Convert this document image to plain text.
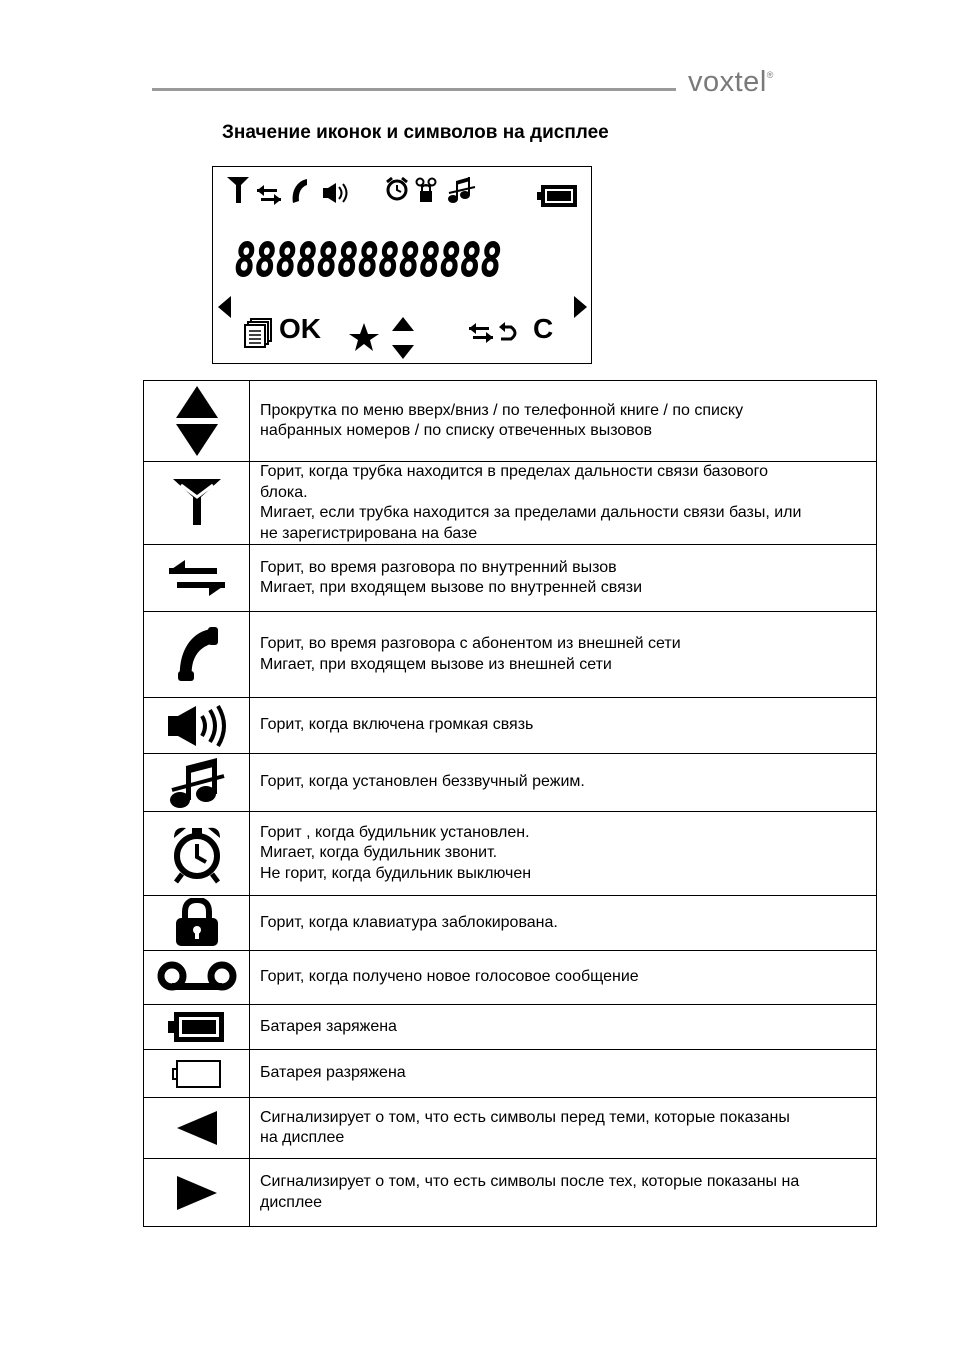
voxtel®
Значение иконок и символов на дисплее
8888888888888
OK	C

Прокрутка по меню вверх/вниз / по телефонной книге / по списку
набранных номеров / по списку отвеченных вызовов

Горит, когда трубка находится в пределах дальности связи базового
блока.
Мигает, если трубка находится за пределами дальности связи базы, или
не зарегистрирована на базе

Горит, во время разговора по внутренний вызов
Мигает, при входящем вызове по внутренней связи

Горит, во время разговора с абонентом из внешней сети
Мигает, при входящем вызове из внешней сети

Горит, когда включена громкая связь

Горит, когда установлен беззвучный режим.

Горит , когда будильник установлен.
Мигает, когда будильник звонит.
Не горит, когда будильник выключен

Горит, когда клавиатура заблокирована.

Горит, когда получено новое голосовое сообщение

Батарея заряжена

Батарея разряжена

Сигнализирует о том, что есть символы перед теми, которые показаны
на дисплее

Сигнализирует о том, что есть символы после тех, которые показаны на
дисплее
